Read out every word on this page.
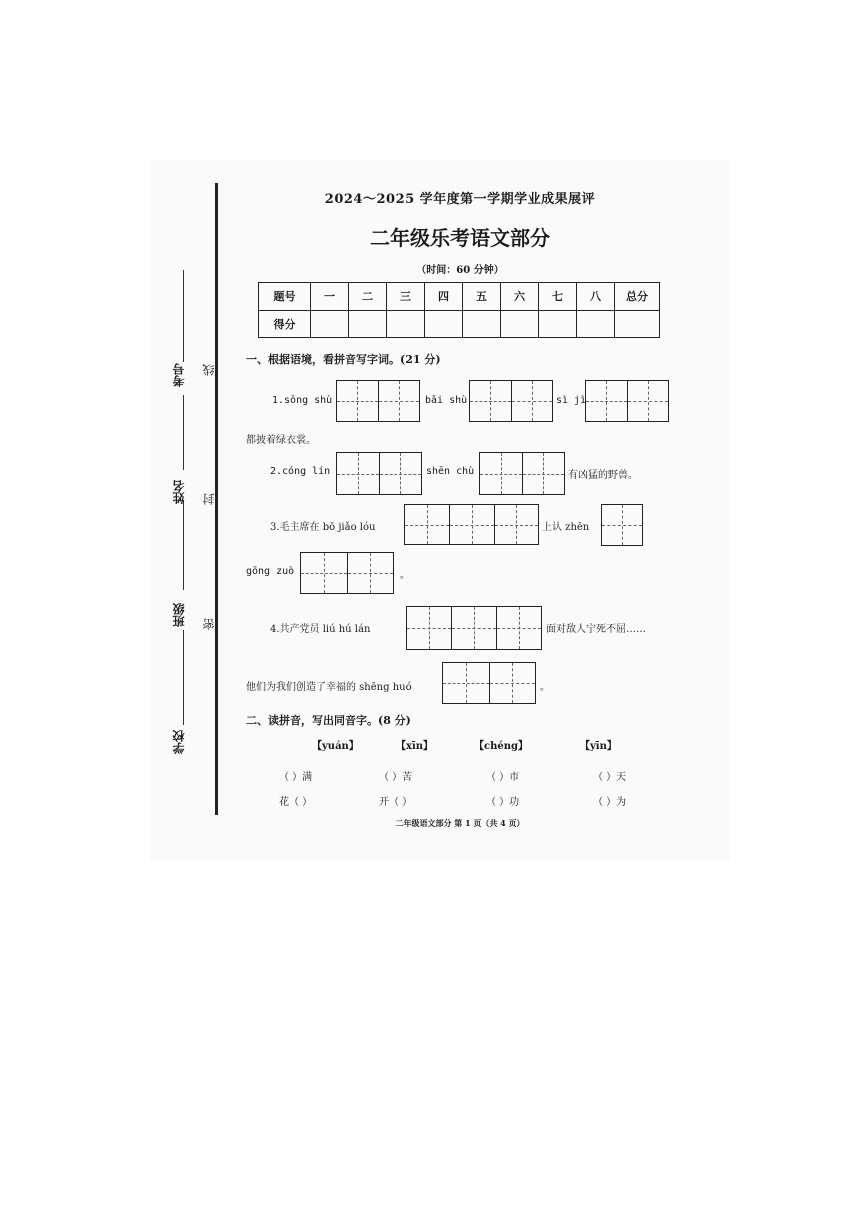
考号
姓名
班级
学校
线
封
密
2024～2025 学年度第一学期学业成果展评
二年级乐考语文部分
（时间：60 分钟）
题号	一	二	三	四	五	六	七	八	总分
得分									
一、根据语境，看拼音写字词。(21 分)
1.sōng shù	bǎi shù	sì jì
都披着绿衣裳。
2.cóng lín	shēn chù	有凶猛的野兽。
3.毛主席在 bō jiǎo lóu	上认 zhēn
gōng zuò	。
4.共产党员 liú hú lán	面对敌人宁死不屈……
他们为我们创造了幸福的 shēng huó	。
二、读拼音，写出同音字。(8 分)
【yuán】	【xīn】	【chéng】	【yīn】
（ ）满	（ ）苦	（ ）市	（ ）天
花（ ）	开（ ）	（ ）功	（ ）为
二年级语文部分 第 1 页（共 4 页）
